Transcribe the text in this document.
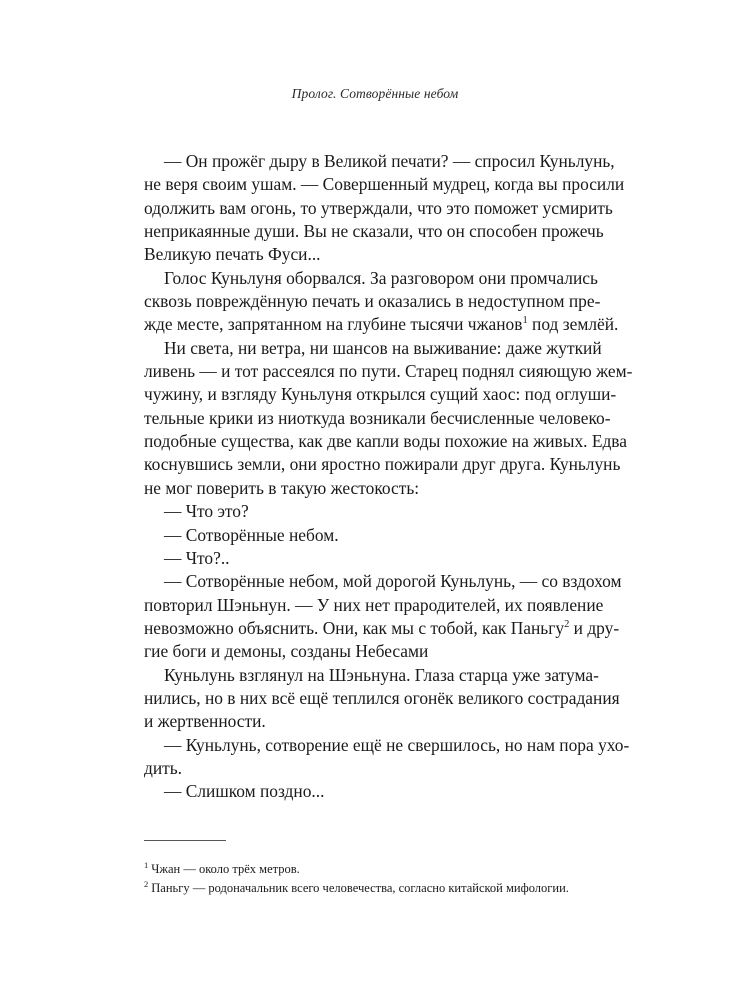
Пролог. Сотворённые небом
— Он прожёг дыру в Великой печати? — спросил Куньлунь,
не веря своим ушам. — Совершенный мудрец, когда вы просили
одолжить вам огонь, то утверждали, что это поможет усмирить
неприкаянные души. Вы не сказали, что он способен прожечь
Великую печать Фуси...
Голос Куньлуня оборвался. За разговором они промчались
сквозь повреждённую печать и оказались в недоступном пре-
жде месте, запрятанном на глубине тысячи чжанов$^1$ под землёй.
Ни света, ни ветра, ни шансов на выживание: даже жуткий
ливень — и тот рассеялся по пути. Старец поднял сияющую жем-
чужину, и взгляду Куньлуня открылся сущий хаос: под оглуши-
тельные крики из ниоткуда возникали бесчисленные человеко-
подобные существа, как две капли воды похожие на живых. Едва
коснувшись земли, они яростно пожирали друг друга. Куньлунь
не мог поверить в такую жестокость:
— Что это?
— Сотворённые небом.
— Что?..
— Сотворённые небом, мой дорогой Куньлунь, — со вздохом
повторил Шэньнун. — У них нет прародителей, их появление
невозможно объяснить. Они, как мы с тобой, как Паньгу$^2$ и дру-
гие боги и демоны, созданы Небесами
Куньлунь взглянул на Шэньнуна. Глаза старца уже затума-
нились, но в них всё ещё теплился огонёк великого сострадания
и жертвенности.
— Куньлунь, сотворение ещё не свершилось, но нам пора ухо-
дить.
— Слишком поздно...
$^1$ Чжан — около трёх метров.
$^2$ Паньгу — родоначальник всего человечества, согласно китайской мифологии.
